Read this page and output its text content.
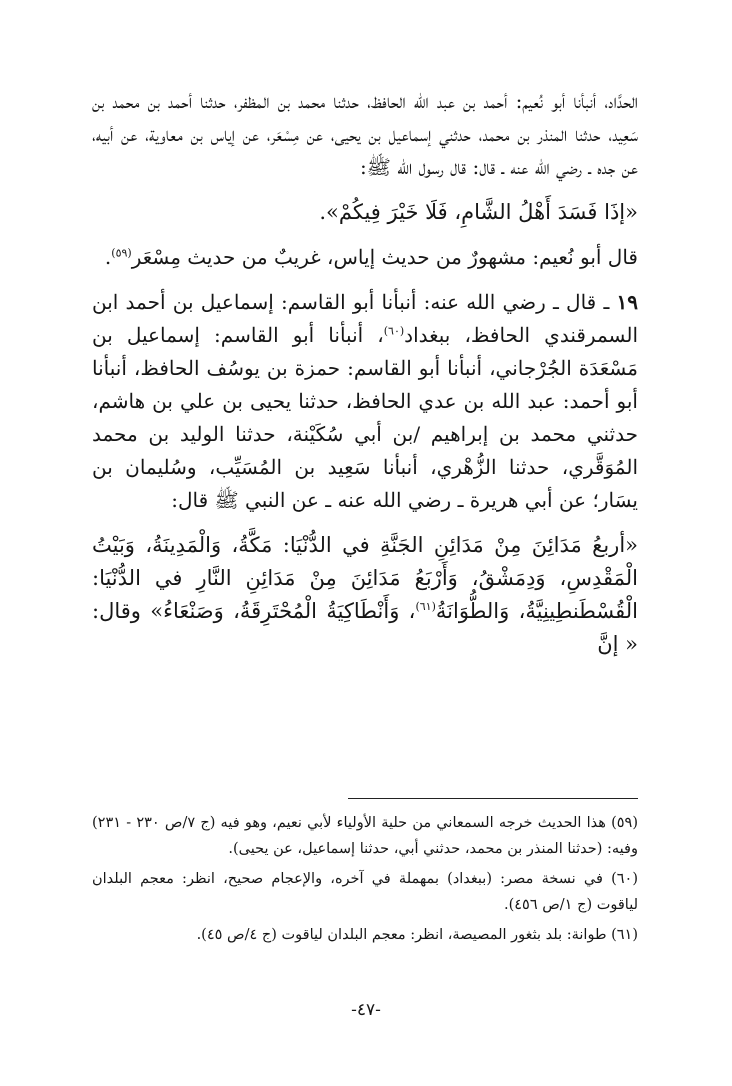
الحدَّاد، أنبأنا أبو نُعيم: أحمد بن عبد الله الحافظ، حدثنا محمد بن المظفر، حدثنا أحمد بن محمد بن سَعِيد، حدثنا المنذر بن محمد، حدثني إسماعيل بن يحيى، عن مِسْعَر، عن إياس بن معاوية، عن أبيه، عن جده ـ رضي الله عنه ـ قال: قال رسول الله ﷺ:

«إذَا فَسَدَ أَهْلُ الشَّامِ، فَلَا خَيْرَ فِيكُمْ».

قال أبو نُعيم: مشهورٌ من حديث إياس، غريبٌ من حديث مِسْعَر$^{(٥٩)}$.

١٩ ـ قال ـ رضي الله عنه: أنبأنا أبو القاسم: إسماعيل بن أحمد ابن السمرقندي الحافظ، ببغداد$^{(٦٠)}$، أنبأنا أبو القاسم: إسماعيل بن مَسْعَدَة الجُرْجاني، أنبأنا أبو القاسم: حمزة بن يوسُف الحافظ، أنبأنا أبو أحمد: عبد الله بن عدي الحافظ، حدثنا يحيى بن علي بن هاشم، حدثني محمد بن إبراهيم /بن أبي سُكَيْنة، حدثنا الوليد بن محمد المُوَقَّري، حدثنا الزُّهْري، أنبأنا سَعِيد بن المُسَيِّب، وسُليمان بن يسَار؛ عن أبي هريرة ـ رضي الله عنه ـ عن النبي ﷺ قال:

«أربعُ مَدَائِنَ مِنْ مَدَائِنِ الجَنَّةِ في الدُّنْيَا: مَكَّةُ، وَالْمَدِينَةُ، وَبَيْتُ الْمَقْدِسِ، وَدِمَشْقُ، وَأَرْبَعُ مَدَائِنَ مِنْ مَدَائِنِ النَّارِ في الدُّنْيَا: الْقُسْطَنطِينِيَّةُ، وَالطُّوَانَةُ$^{(٦١)}$، وَأَنْطَاكِيَةُ الْمُحْتَرِقَةُ، وَصَنْعَاءُ» وقال: « إنَّ

(٥٩) هذا الحديث خرجه السمعاني من حلية الأولياء لأبي نعيم، وهو فيه (ج ٧/ص ٢٣٠ - ٢٣١) وفيه: (حدثنا المنذر بن محمد، حدثني أبي، حدثنا إسماعيل، عن يحيى).

(٦٠) في نسخة مصر: (ببغداد) بمهملة في آخره، والإعجام صحيح، انظر: معجم البلدان لياقوت (ج ١/ص ٤٥٦).

(٦١) طوانة: بلد بثغور المصيصة، انظر: معجم البلدان لياقوت (ج ٤/ص ٤٥).

-٤٧-
